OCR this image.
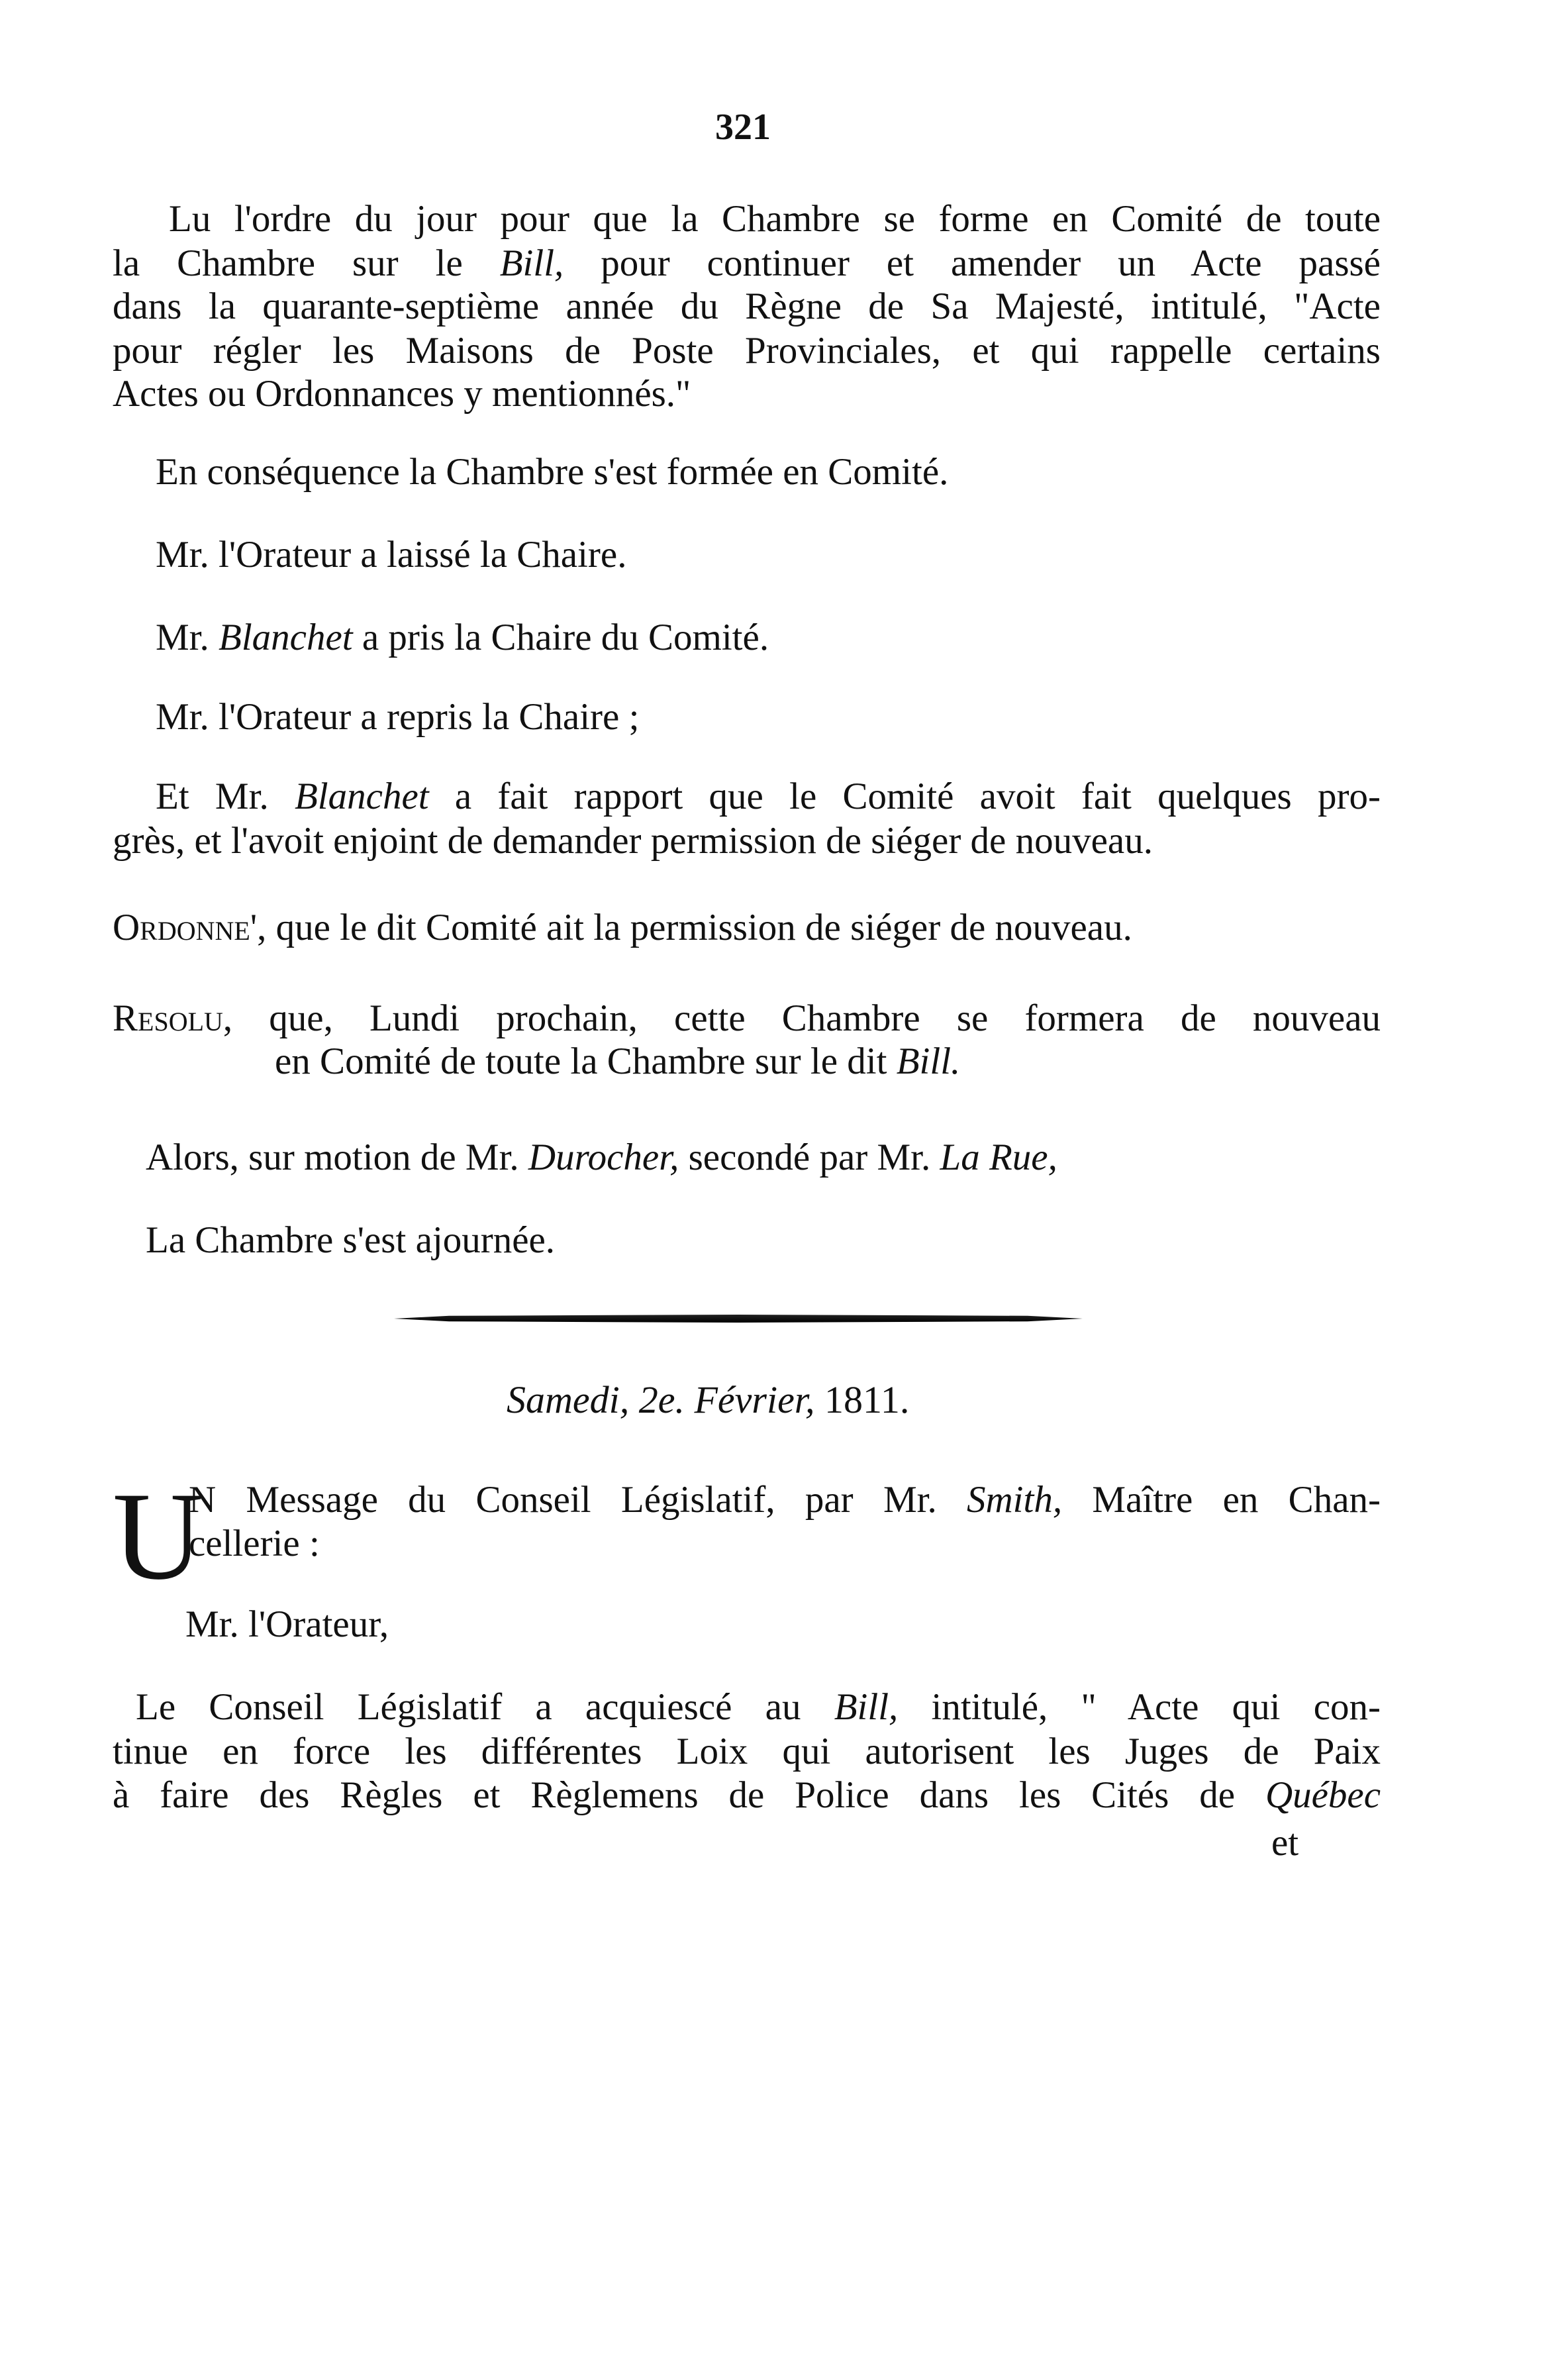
321
Lu l'ordre du jour pour que la Chambre se forme en Comité de toute
la Chambre sur le Bill, pour continuer et amender un Acte passé
dans la quarante-septième année du Règne de Sa Majesté, intitulé, "Acte
pour régler les Maisons de Poste Provinciales, et qui rappelle certains
Actes ou Ordonnances y mentionnés."
En conséquence la Chambre s'est formée en Comité.
Mr. l'Orateur a laissé la Chaire.
Mr. Blanchet a pris la Chaire du Comité.
Mr. l'Orateur a repris la Chaire ;
Et Mr. Blanchet a fait rapport que le Comité avoit fait quelques pro-
grès, et l'avoit enjoint de demander permission de siéger de nouveau.
Ordonne', que le dit Comité ait la permission de siéger de nouveau.
Resolu, que, Lundi prochain, cette Chambre se formera de nouveau
en Comité de toute la Chambre sur le dit Bill.
Alors, sur motion de Mr. Durocher, secondé par Mr. La Rue,
La Chambre s'est ajournée.
Samedi, 2e. Février, 1811.
U
N Message du Conseil Législatif, par Mr. Smith, Maître en Chan-
cellerie :
Mr. l'Orateur,
Le Conseil Législatif a acquiescé au Bill, intitulé, " Acte qui con-
tinue en force les différentes Loix qui autorisent les Juges de Paix
à faire des Règles et Règlemens de Police dans les Cités de Québec
et
